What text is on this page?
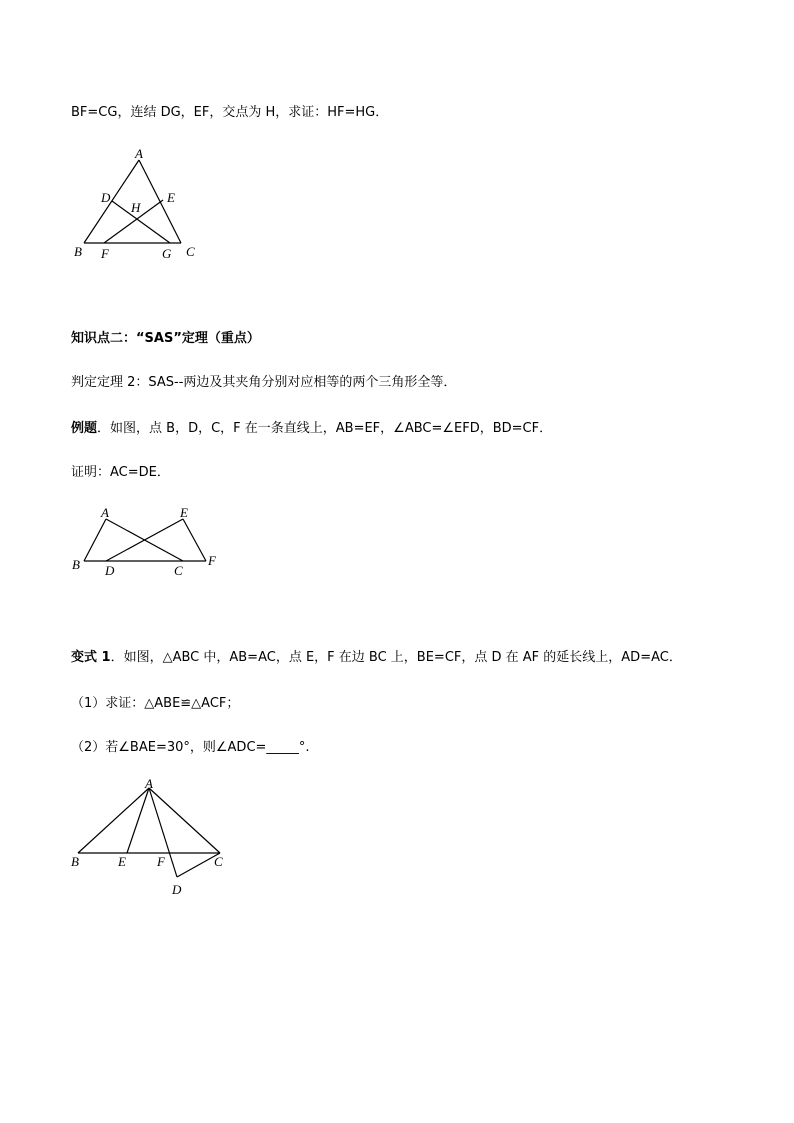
BF=CG，连结 DG，EF，交点为 H，求证：HF=HG．
A
B	C
D	E
F	G
H
知识点二：“SAS”定理（重点）
判定定理 2：SAS--两边及其夹角分别对应相等的两个三角形全等．
例题．如图，点 B，D，C，F 在一条直线上，AB=EF，∠ABC=∠EFD，BD=CF．
证明：AC=DE．
A	E
B D	C
F
变式 1．如图，△ABC 中，AB=AC，点 E，F 在边 BC 上，BE=CF，点 D 在 AF 的延长线上，AD=AC．
（1）求证：△ABE≌△ACF；
（2）若∠BAE=30°，则∠ADC=_____°.
A
B	E F	C
D
